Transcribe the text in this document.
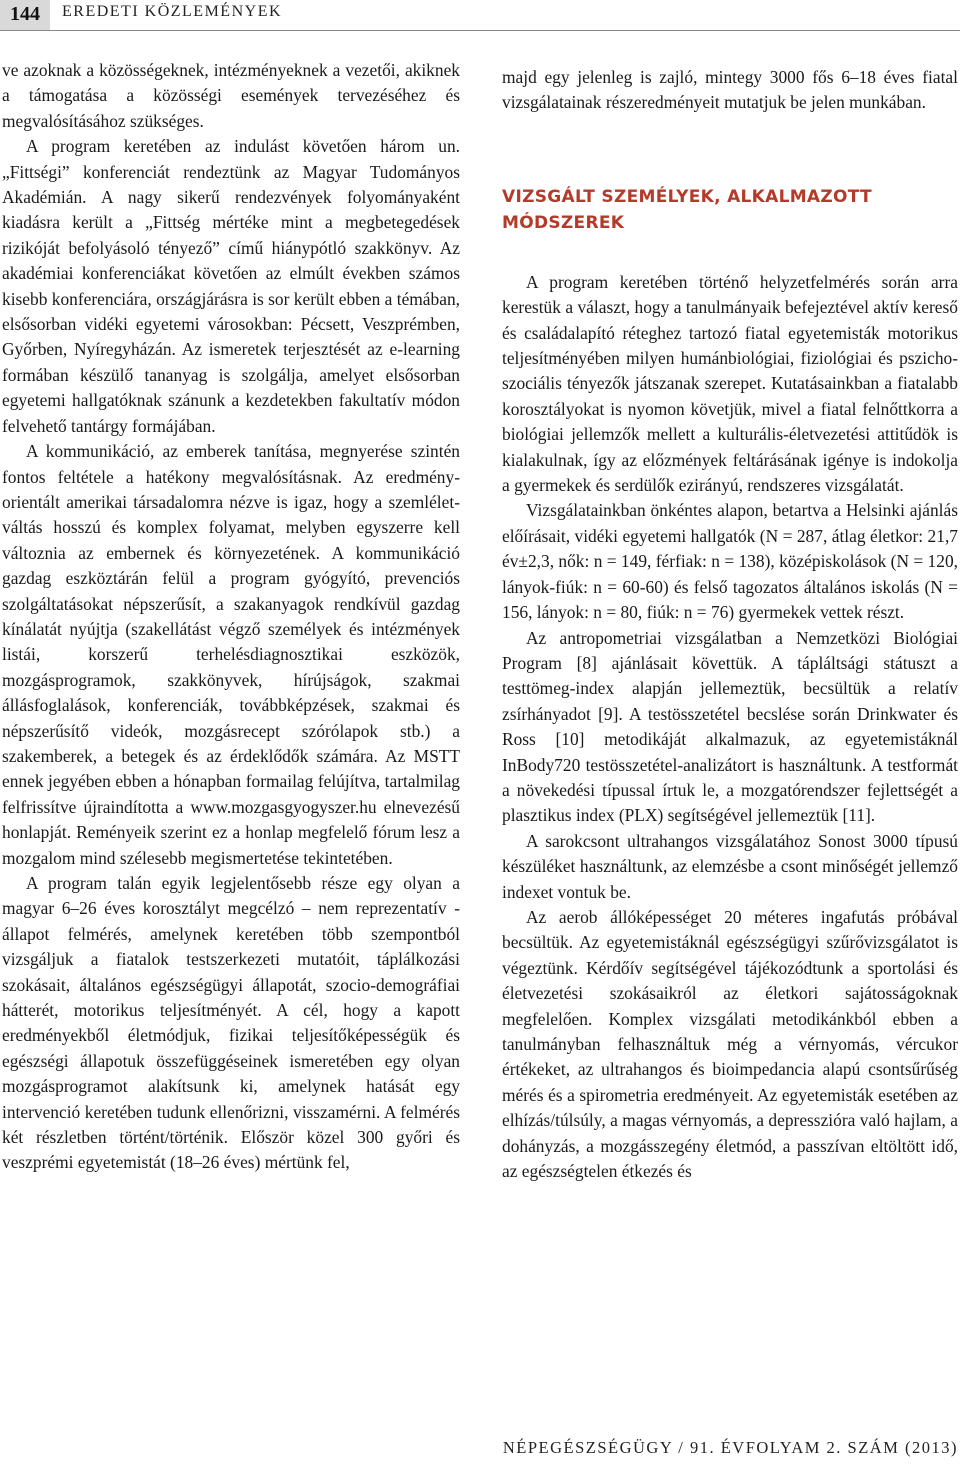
144	EREDETI KÖZLEMÉNYEK

ve azoknak a közösségeknek, intézményeknek a vezetői, akiknek a támogatása a közösségi események tervezéséhez és megvalósításához szükséges.

A program keretében az indulást követően három un. „Fittségi” konferenciát rendeztünk az Magyar Tudományos Akadémián. A nagy sikerű rendezvények folyományaként kiadásra került a „Fittség mértéke mint a megbetegedések rizikóját befolyásoló tényező” című hiánypótló szakkönyv. Az akadémiai konferenciákat követően az elmúlt években számos kisebb konferenciára, országjárásra is sor került ebben a témában, elsősorban vidéki egyetemi városokban: Pécsett, Veszprémben, Győrben, Nyíregyházán. Az ismeretek terjesztését az e-learning formában készülő tananyag is szolgálja, amelyet elsősorban egyetemi hallgatóknak szánunk a kezdetekben fakultatív módon felvehető tantárgy formájában.

A kommunikáció, az emberek tanítása, megnyerése szintén fontos feltétele a hatékony megvalósításnak. Az eredmény-orientált amerikai társadalomra nézve is igaz, hogy a szemlélet-váltás hosszú és komplex folyamat, melyben egyszerre kell változnia az embernek és környezetének. A kommunikáció gazdag eszköztárán felül a program gyógyító, prevenciós szolgáltatásokat népszerűsít, a szakanyagok rendkívül gazdag kínálatát nyújtja (szakellátást végző személyek és intézmények listái, korszerű terhelésdiagnosztikai eszközök, mozgásprogramok, szakkönyvek, hírújságok, szakmai állásfoglalások, konferenciák, továbbképzések, szakmai és népszerűsítő videók, mozgásrecept szórólapok stb.) a szakemberek, a betegek és az érdeklődők számára. Az MSTT ennek jegyében ebben a hónapban formailag felújítva, tartalmilag felfrissítve újraindította a www.mozgasgyogyszer.hu elnevezésű honlapját. Reményeik szerint ez a honlap megfelelő fórum lesz a mozgalom mind szélesebb megismertetése tekintetében.

A program talán egyik legjelentősebb része egy olyan a magyar 6–26 éves korosztályt megcélzó – nem reprezentatív - állapot felmérés, amelynek keretében több szempontból vizsgáljuk a fiatalok testszerkezeti mutatóit, táplálkozási szokásait, általános egészségügyi állapotát, szocio-demográfiai hátterét, motorikus teljesítményét. A cél, hogy a kapott eredményekből életmódjuk, fizikai teljesítőképességük és egészségi állapotuk összefüggéseinek ismeretében egy olyan mozgásprogramot alakítsunk ki, amelynek hatását egy intervenció keretében tudunk ellenőrizni, visszamérni. A felmérés két részletben történt/történik. Először közel 300 győri és veszprémi egyetemistát (18–26 éves) mértünk fel,

majd egy jelenleg is zajló, mintegy 3000 fős 6–18 éves fiatal vizsgálatainak részeredményeit mutatjuk be jelen munkában.

VIZSGÁLT SZEMÉLYEK, ALKALMAZOTT MÓDSZEREK

A program keretében történő helyzetfelmérés során arra kerestük a választ, hogy a tanulmányaik befejeztével aktív kereső és családalapító réteghez tartozó fiatal egyetemisták motorikus teljesítményében milyen humánbiológiai, fiziológiai és pszicho-szociális tényezők játszanak szerepet. Kutatásainkban a fiatalabb korosztályokat is nyomon követjük, mivel a fiatal felnőttkorra a biológiai jellemzők mellett a kulturális-életvezetési attitűdök is kialakulnak, így az előzmények feltárásának igénye is indokolja a gyermekek és serdülők ezirányú, rendszeres vizsgálatát.

Vizsgálatainkban önkéntes alapon, betartva a Helsinki ajánlás előírásait, vidéki egyetemi hallgatók (N = 287, átlag életkor: 21,7 év±2,3, nők: n = 149, férfiak: n = 138), középiskolások (N = 120, lányok-fiúk: n = 60-60) és felső tagozatos általános iskolás (N = 156, lányok: n = 80, fiúk: n = 76) gyermekek vettek részt.

Az antropometriai vizsgálatban a Nemzetközi Biológiai Program [8] ajánlásait követtük. A tápláltsági státuszt a testtömeg-index alapján jellemeztük, becsültük a relatív zsírhányadot [9]. A testösszetétel becslése során Drinkwater és Ross [10] metodikáját alkalmazuk, az egyetemistáknál InBody720 testösszetétel-analizátort is használtunk. A testformát a növekedési típussal írtuk le, a mozgatórendszer fejlettségét a plasztikus index (PLX) segítségével jellemeztük [11].

A sarokcsont ultrahangos vizsgálatához Sonost 3000 típusú készüléket használtunk, az elemzésbe a csont minőségét jellemző indexet vontuk be.

Az aerob állóképességet 20 méteres ingafutás próbával becsültük. Az egyetemistáknál egészségügyi szűrővizsgálatot is végeztünk. Kérdőív segítségével tájékozódtunk a sportolási és életvezetési szokásaikról az életkori sajátosságoknak megfelelően. Komplex vizsgálati metodikánkból ebben a tanulmányban felhasználtuk még a vérnyomás, vércukor értékeket, az ultrahangos és bioimpedancia alapú csontsűrűség mérés és a spirometria eredményeit. Az egyetemisták esetében az elhízás/túlsúly, a magas vérnyomás, a depresszióra való hajlam, a dohányzás, a mozgásszegény életmód, a passzívan eltöltött idő, az egészségtelen étkezés és

NÉPEGÉSZSÉGÜGY / 91. ÉVFOLYAM 2. SZÁM (2013)
